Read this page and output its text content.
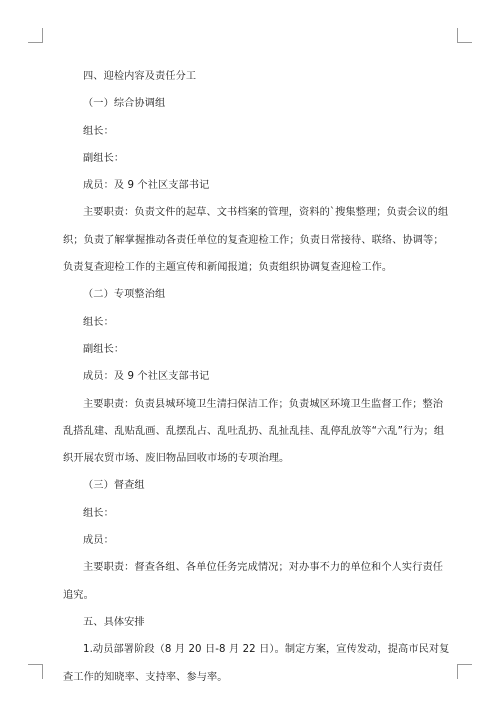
四、迎检内容及责任分工
（一）综合协调组
组长：
副组长：
成员：及 9 个社区支部书记
主要职责：负责文件的起草、文书档案的管理，资料的`搜集整理；负责会议的组
织；负责了解掌握推动各责任单位的复查迎检工作；负责日常接待、联络、协调等；
负责复查迎检工作的主题宣传和新闻报道；负责组织协调复查迎检工作。
（二）专项整治组
组长：
副组长：
成员：及 9 个社区支部书记
主要职责：负责县城环境卫生清扫保洁工作；负责城区环境卫生监督工作；整治
乱搭乱建、乱贴乱画、乱摆乱占、乱吐乱扔、乱扯乱挂、乱停乱放等“六乱”行为；组
织开展农贸市场、废旧物品回收市场的专项治理。
（三）督查组
组长：
成员：
主要职责：督查各组、各单位任务完成情况；对办事不力的单位和个人实行责任
追究。
五、具体安排
1.动员部署阶段（8 月 20 日-8 月 22 日）。制定方案，宣传发动，提高市民对复
查工作的知晓率、支持率、参与率。
